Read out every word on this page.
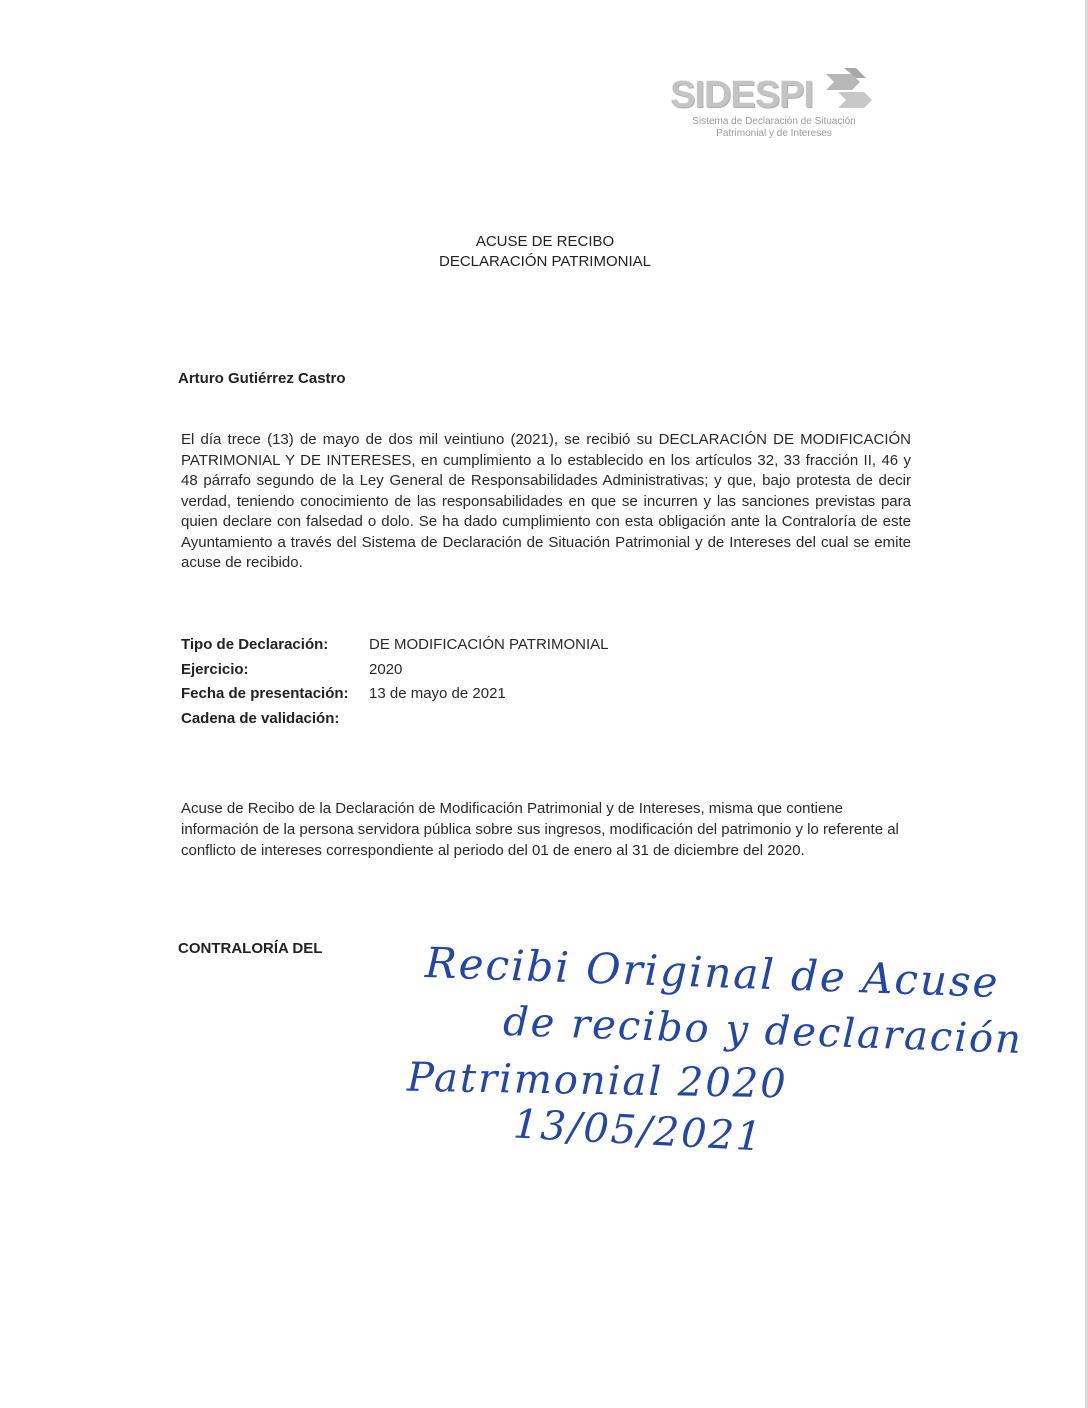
SIDESPI
Sistema de Declaración de Situación
Patrimonial y de Intereses
ACUSE DE RECIBO
DECLARACIÓN PATRIMONIAL
Arturo Gutiérrez Castro
El día trece (13) de mayo de dos mil veintiuno (2021), se recibió su DECLARACIÓN DE MODIFICACIÓN PATRIMONIAL Y DE INTERESES, en cumplimiento a lo establecido en los artículos 32, 33 fracción II, 46 y 48 párrafo segundo de la Ley General de Responsabilidades Administrativas; y que, bajo protesta de decir verdad, teniendo conocimiento de las responsabilidades en que se incurren y las sanciones previstas para quien declare con falsedad o dolo. Se ha dado cumplimiento con esta obligación ante la Contraloría de este Ayuntamiento a través del Sistema de Declaración de Situación Patrimonial y de Intereses del cual se emite acuse de recibido.
Tipo de Declaración:	DE MODIFICACIÓN PATRIMONIAL
Ejercicio:	2020
Fecha de presentación: 13 de mayo de 2021
Cadena de validación:
Acuse de Recibo de la Declaración de Modificación Patrimonial y de Intereses, misma que contiene información de la persona servidora pública sobre sus ingresos, modificación del patrimonio y lo referente al conflicto de intereses correspondiente al periodo del 01 de enero al 31 de diciembre del 2020.
CONTRALORÍA DEL Recibi Original de Acuse
de recibo y declaración
Patrimonial 2020
13/05/2021
